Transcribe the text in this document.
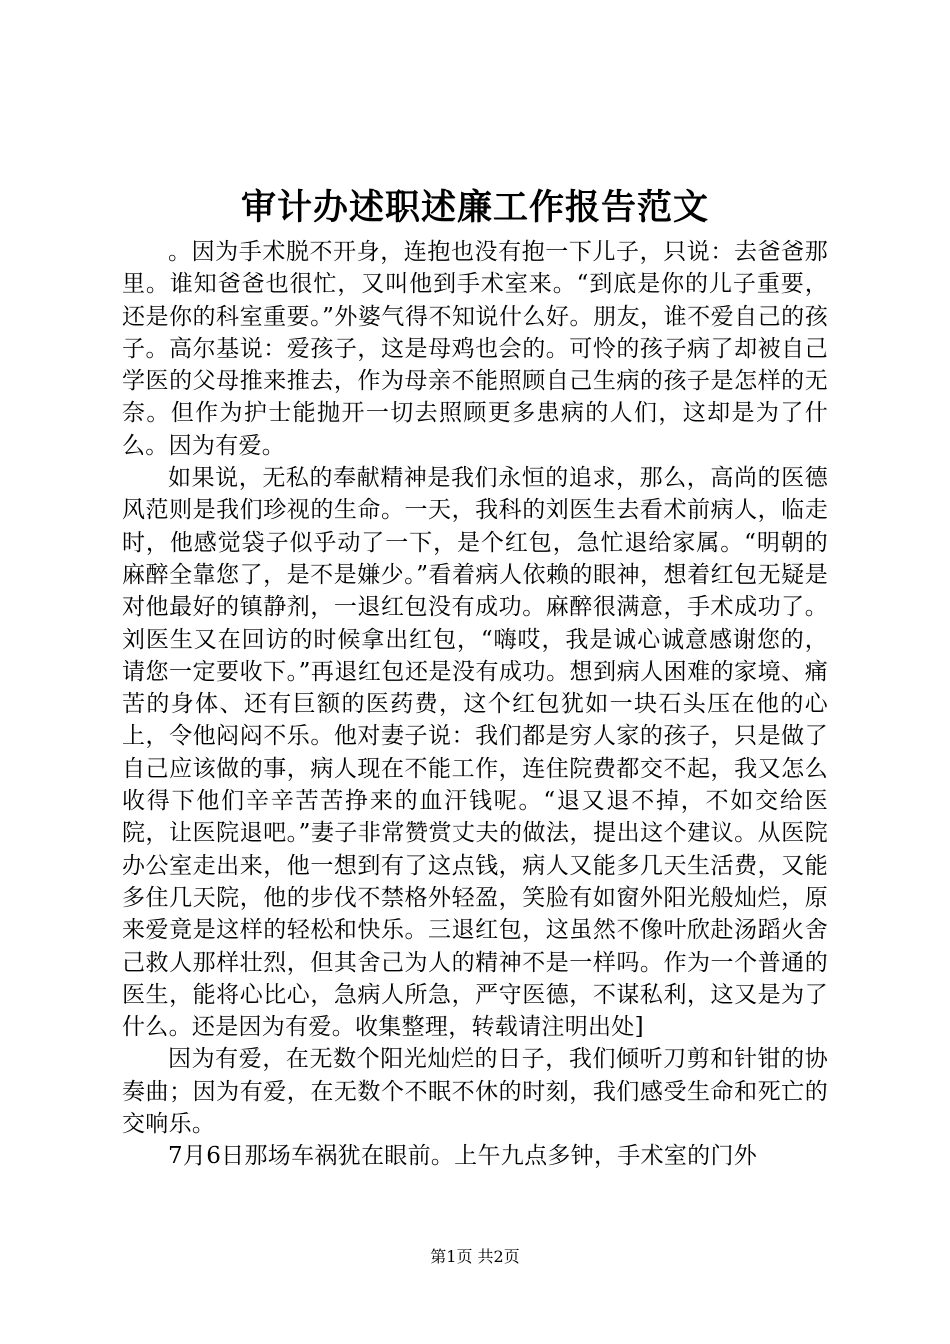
审计办述职述廉工作报告范文

。因为手术脱不开身，连抱也没有抱一下儿子，只说：去爸爸那里。谁知爸爸也很忙，又叫他到手术室来。“到底是你的儿子重要，还是你的科室重要。”外婆气得不知说什么好。朋友，谁不爱自己的孩子。高尔基说：爱孩子，这是母鸡也会的。可怜的孩子病了却被自己学医的父母推来推去，作为母亲不能照顾自己生病的孩子是怎样的无奈。但作为护士能抛开一切去照顾更多患病的人们，这却是为了什么。因为有爱。

如果说，无私的奉献精神是我们永恒的追求，那么，高尚的医德风范则是我们珍视的生命。一天，我科的刘医生去看术前病人，临走时，他感觉袋子似乎动了一下，是个红包，急忙退给家属。“明朝的麻醉全靠您了，是不是嫌少。”看着病人依赖的眼神，想着红包无疑是对他最好的镇静剂，一退红包没有成功。麻醉很满意，手术成功了。刘医生又在回访的时候拿出红包，“嗨哎，我是诚心诚意感谢您的，请您一定要收下。”再退红包还是没有成功。想到病人困难的家境、痛苦的身体、还有巨额的医药费，这个红包犹如一块石头压在他的心上，令他闷闷不乐。他对妻子说：我们都是穷人家的孩子，只是做了自己应该做的事，病人现在不能工作，连住院费都交不起，我又怎么收得下他们辛辛苦苦挣来的血汗钱呢。“退又退不掉，不如交给医院，让医院退吧。”妻子非常赞赏丈夫的做法，提出这个建议。从医院办公室走出来，他一想到有了这点钱，病人又能多几天生活费，又能多住几天院，他的步伐不禁格外轻盈，笑脸有如窗外阳光般灿烂，原来爱竟是这样的轻松和快乐。三退红包，这虽然不像叶欣赴汤蹈火舍己救人那样壮烈，但其舍己为人的精神不是一样吗。作为一个普通的医生，能将心比心，急病人所急，严守医德，不谋私利，这又是为了什么。还是因为有爱。收集整理，转载请注明出处]

因为有爱，在无数个阳光灿烂的日子，我们倾听刀剪和针钳的协奏曲；因为有爱，在无数个不眠不休的时刻，我们感受生命和死亡的交响乐。

7月6日那场车祸犹在眼前。上午九点多钟，手术室的门外

第1页 共2页
